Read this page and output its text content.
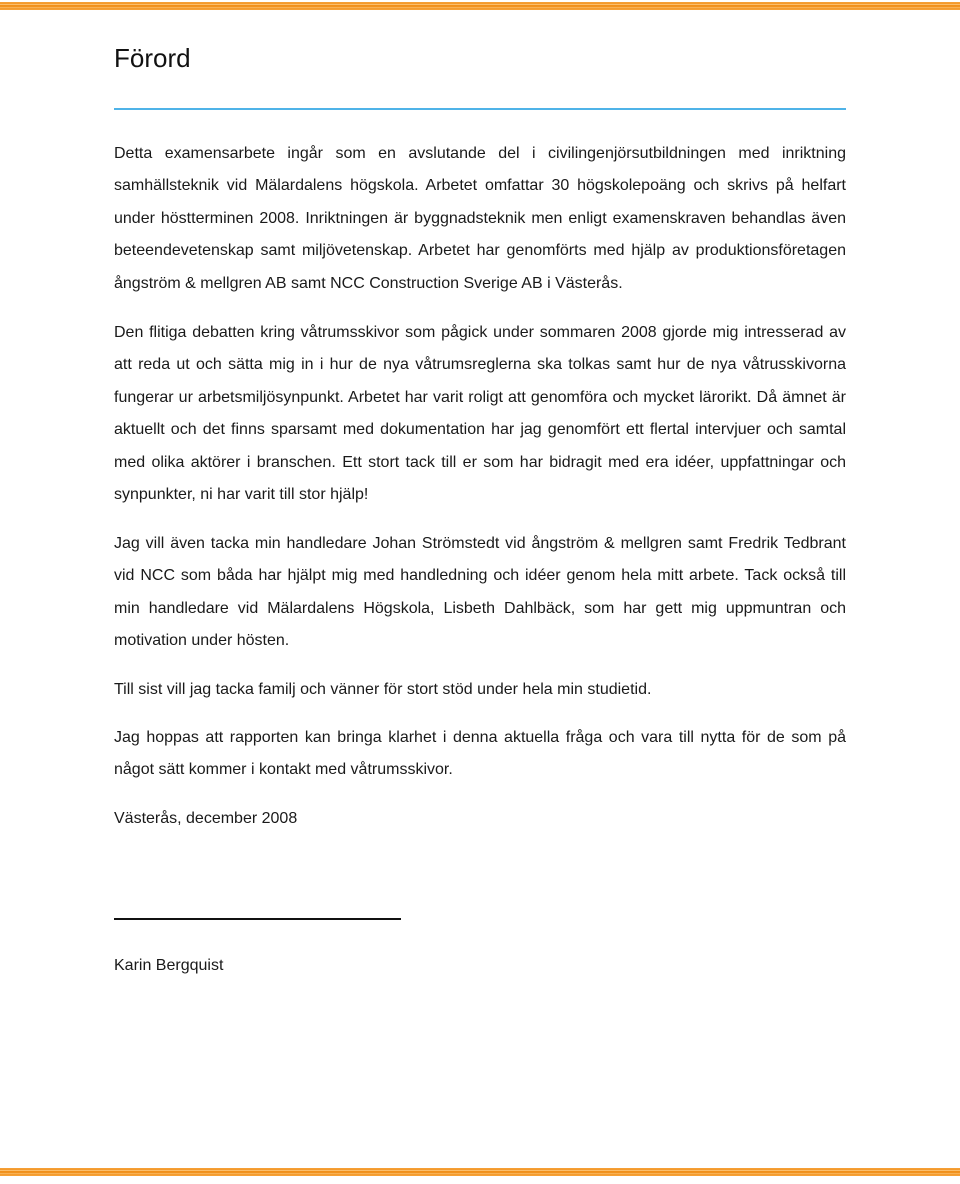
Förord

Detta examensarbete ingår som en avslutande del i civilingenjörsutbildningen med inriktning samhällsteknik vid Mälardalens högskola. Arbetet omfattar 30 högskolepoäng och skrivs på helfart under höstterminen 2008. Inriktningen är byggnadsteknik men enligt examenskraven behandlas även beteendevetenskap samt miljövetenskap. Arbetet har genomförts med hjälp av produktionsföretagen ångström & mellgren AB samt NCC Construction Sverige AB i Västerås.

Den flitiga debatten kring våtrumsskivor som pågick under sommaren 2008 gjorde mig intresserad av att reda ut och sätta mig in i hur de nya våtrumsreglerna ska tolkas samt hur de nya våtrusskivorna fungerar ur arbetsmiljösynpunkt. Arbetet har varit roligt att genomföra och mycket lärorikt. Då ämnet är aktuellt och det finns sparsamt med dokumentation har jag genomfört ett flertal intervjuer och samtal med olika aktörer i branschen. Ett stort tack till er som har bidragit med era idéer, uppfattningar och synpunkter, ni har varit till stor hjälp!

Jag vill även tacka min handledare Johan Strömstedt vid ångström & mellgren samt Fredrik Tedbrant vid NCC som båda har hjälpt mig med handledning och idéer genom hela mitt arbete. Tack också till min handledare vid Mälardalens Högskola, Lisbeth Dahlbäck, som har gett mig uppmuntran och motivation under hösten.

Till sist vill jag tacka familj och vänner för stort stöd under hela min studietid.

Jag hoppas att rapporten kan bringa klarhet i denna aktuella fråga och vara till nytta för de som på något sätt kommer i kontakt med våtrumsskivor.

Västerås, december 2008
Karin Bergquist
